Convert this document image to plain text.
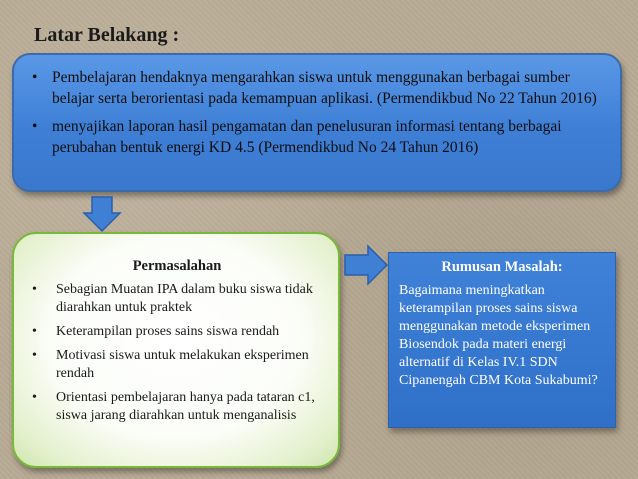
Latar Belakang :
• Pembelajaran hendaknya mengarahkan siswa untuk menggunakan berbagai sumber belajar serta berorientasi pada kemampuan aplikasi. (Permendikbud No 22 Tahun 2016)
• menyajikan laporan hasil pengamatan dan penelusuran informasi tentang berbagai perubahan bentuk energi KD 4.5 (Permendikbud No 24 Tahun 2016)
Permasalahan
• Sebagian Muatan IPA dalam buku siswa tidak diarahkan untuk praktek
• Keterampilan proses sains siswa rendah
• Motivasi siswa untuk melakukan eksperimen rendah
• Orientasi pembelajaran hanya pada tataran c1, siswa jarang diarahkan untuk menganalisis
Rumusan Masalah:
Bagaimana meningkatkan keterampilan proses sains siswa menggunakan metode eksperimen Biosendok pada materi energi alternatif di Kelas IV.1 SDN Cipanengah CBM Kota Sukabumi?
